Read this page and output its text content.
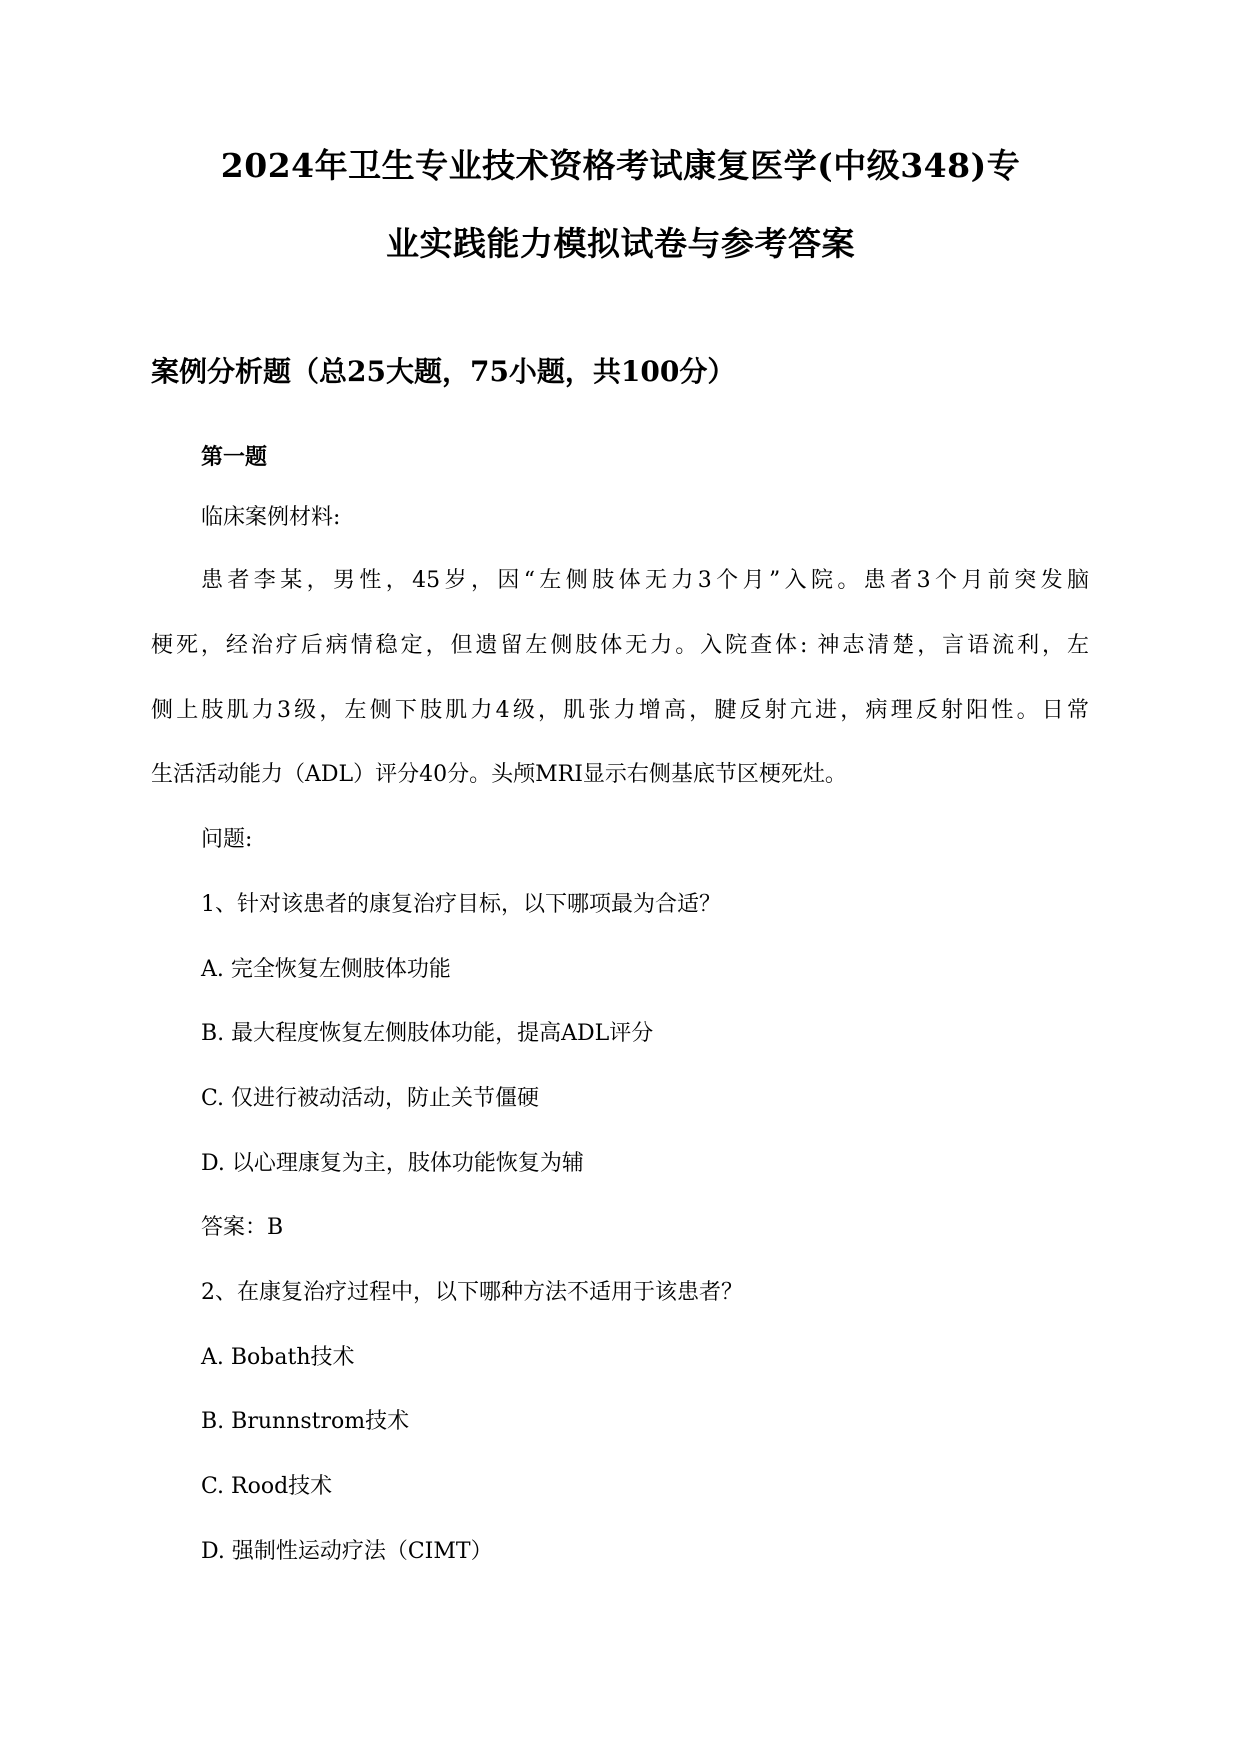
2024年卫生专业技术资格考试康复医学(中级348)专
业实践能力模拟试卷与参考答案
案例分析题（总25大题，75小题，共100分）
第一题
临床案例材料:
患者李某，男性，45岁，因“左侧肢体无力3个月”入院。患者3个月前突发脑
梗死，经治疗后病情稳定，但遗留左侧肢体无力。入院查体: 神志清楚，言语流利，左
侧上肢肌力3级，左侧下肢肌力4级，肌张力增高，腱反射亢进，病理反射阳性。日常
生活活动能力（ADL）评分40分。头颅MRI显示右侧基底节区梗死灶。
问题:
1、针对该患者的康复治疗目标，以下哪项最为合适？
A. 完全恢复左侧肢体功能
B. 最大程度恢复左侧肢体功能，提高ADL评分
C. 仅进行被动活动，防止关节僵硬
D. 以心理康复为主，肢体功能恢复为辅
答案：B
2、在康复治疗过程中，以下哪种方法不适用于该患者？
A. Bobath技术
B. Brunnstrom技术
C. Rood技术
D. 强制性运动疗法（CIMT）
